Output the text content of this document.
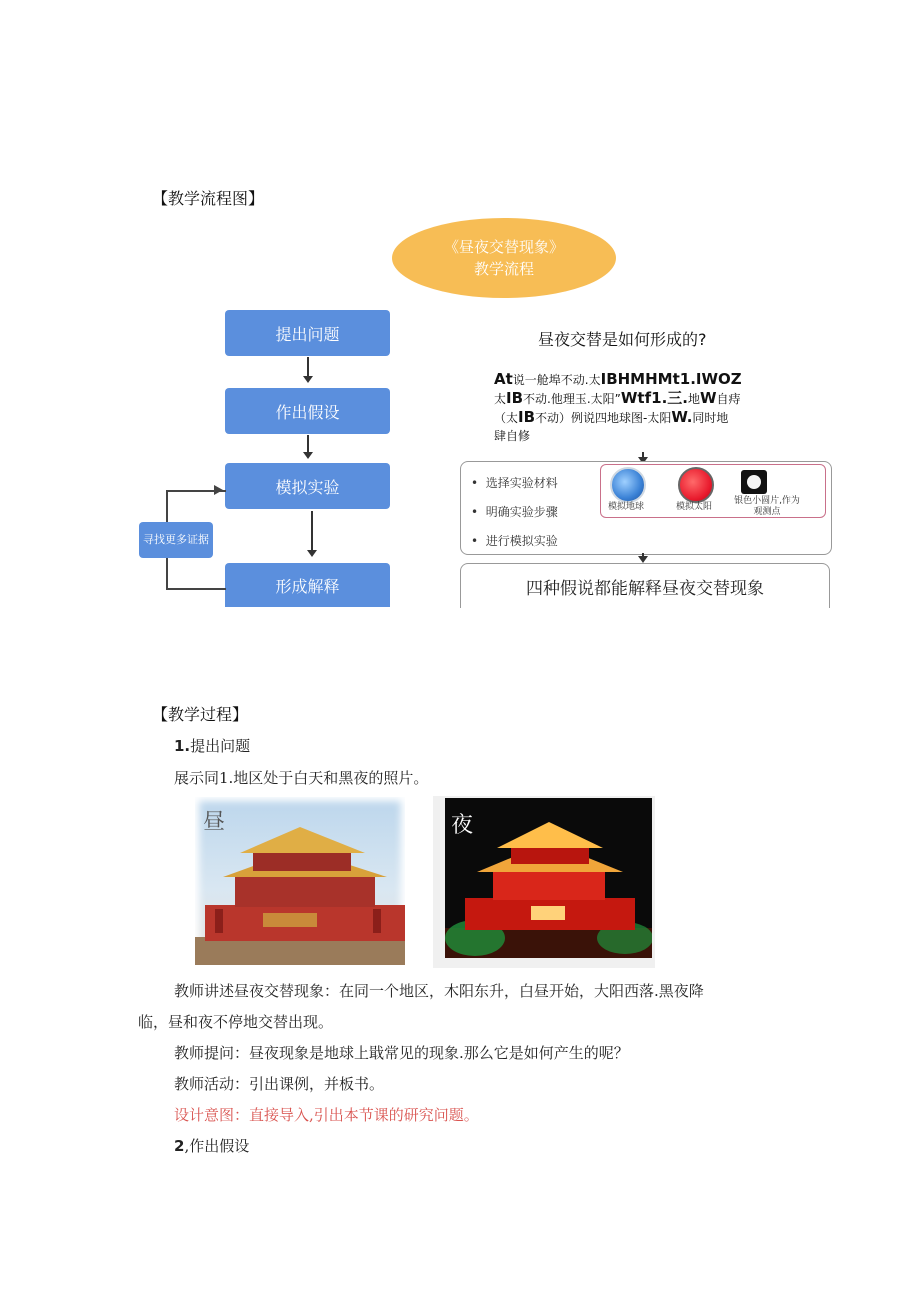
【教学流程图】
《昼夜交替现象》
教学流程
提出问题
作出假设
模拟实验
形成解释
寻找更多证据
昼夜交替是如何形成的?
At说一舱埠不动.太IBHMHMt1.IWOZ
太IB不动.他理玉.太阳”Wtf1.三.地W自痔
（太IB不动）例说四地球图-太阳W.同时地
肆自修
•  选择实验材料
•  明确实验步骤
•  进行模拟实验
模拟地球	模拟太阳
银色小圆片,作为观测点
四种假说都能解释昼夜交替现象
【教学过程】
1.提出问题
展示同1.地区处于白天和黑夜的照片。
昼	夜
教师讲述昼夜交替现象：在同一个地区，木阳东升，白昼开始，大阳西落.黑夜降
临，昼和夜不停地交替出现。
教师提问：昼夜现象是地球上戢常见的现象.那么它是如何产生的呢？
教师活动：引出课例，并板书。
设计意图：直接导入,引出本节课的研究问题。
2,作出假设
